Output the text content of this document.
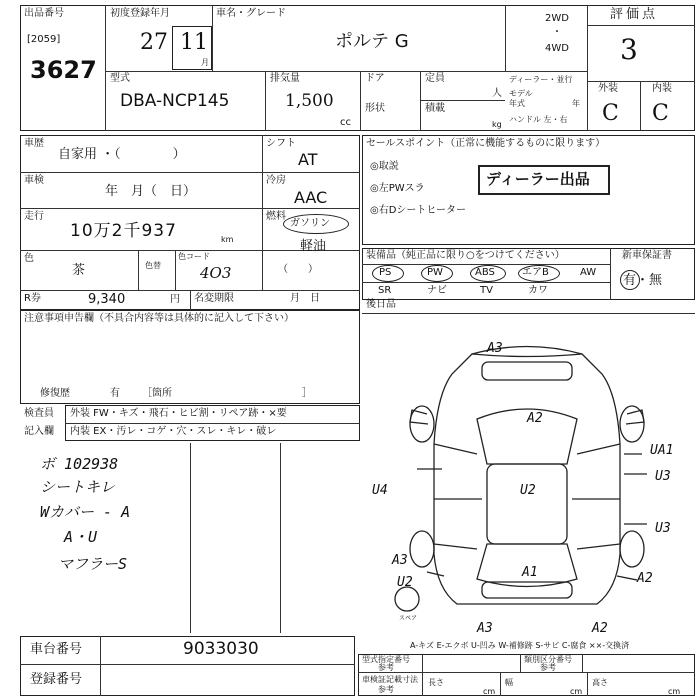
出品番号
[2059]
3627
初度登録年月
27 11
月
車名・グレード
ポルテ G
2WD
・
4WD
評価点
3
型式
DBA-NCP145
排気量
1,500
cc
ドア
形状
定員
人
積載
kg
ディーラー・並行
モデル
年式	年
ハンドル 左・右
外装	内装
C C
車歴
自家用 ・（　　　　）
車検
年　月（　日）
走行
10万2千937	km
色
茶	色替
色コード
4O3
R券	9,340	円 名変期限	月　日
シフト
AT
冷房
AAC
燃料
ガソリン
軽油
（　　）
セールスポイント（正常に機能するものに限ります）
◎取説
◎左PWスラ
◎右Dシートヒーター
ディーラー出品
装備品（純正品に限り○をつけてください）	新車保証書
有・無
PS	PW	ABS	エアB	AW
SR	ナビ	TV	カワ
後日品
注意事項申告欄（不具合内容等は具体的に記入して下さい）
修復歴	有 ［箇所　　　　　　　　　　　　　］
検査員
記入欄
外装 FW・キズ・飛石・ヒビ割・リペア跡・×要
内装 EX・汚レ・コゲ・穴・スレ・キレ・破レ
ボ 102938
シートキレ
Wカバー - A
A・U
マフラーS
A3
A2
UA1
U3
U4	U2
U3
A1
A3
U2	A2
A3	A2
スペア
A-キズ E-エクボ U-凹み W-補修跡 S-サビ C-腐食 ××-交換済
車台番号	9033030
登録番号
型式指定番号
参考
類別区分番号
参考
車検証記載寸法
参考
長さ
cm
幅
cm
高さ
cm
